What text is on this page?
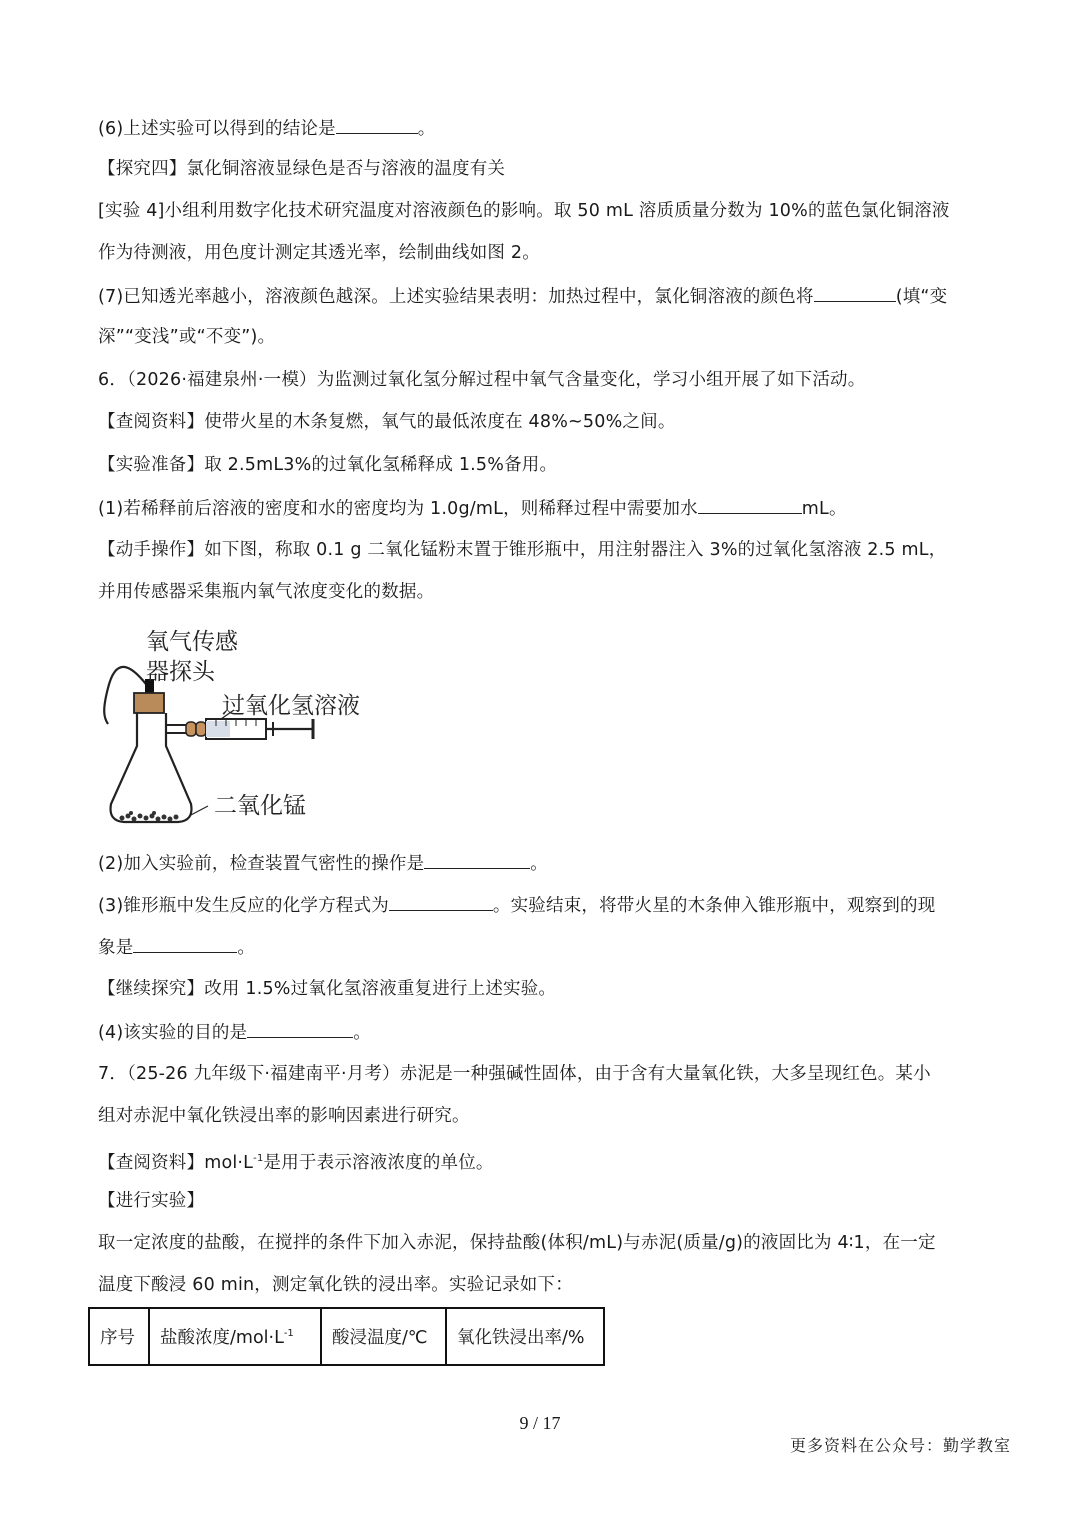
(6)上述实验可以得到的结论是	。
【探究四】氯化铜溶液显绿色是否与溶液的温度有关
[实验 4]小组利用数字化技术研究温度对溶液颜色的影响。取 50 mL 溶质质量分数为 10%的蓝色氯化铜溶液
作为待测液，用色度计测定其透光率，绘制曲线如图 2。
(7)已知透光率越小，溶液颜色越深。上述实验结果表明：加热过程中，氯化铜溶液的颜色将	(填“变
深”“变浅”或“不变”)。
6．（2026·福建泉州·一模）为监测过氧化氢分解过程中氧气含量变化，学习小组开展了如下活动。
【查阅资料】使带火星的木条复燃，氧气的最低浓度在 48%~50%之间。
【实验准备】取 2.5mL3%的过氧化氢稀释成 1.5%备用。
(1)若稀释前后溶液的密度和水的密度均为 1.0g/mL，则稀释过程中需要加水	mL。
【动手操作】如下图，称取 0.1 g 二氧化锰粉末置于锥形瓶中，用注射器注入 3%的过氧化氢溶液 2.5 mL，
并用传感器采集瓶内氧气浓度变化的数据。
氧气传感
器探头
过氧化氢溶液
二氧化锰
(2)加入实验前，检查装置气密性的操作是	。
(3)锥形瓶中发生反应的化学方程式为	。实验结束，将带火星的木条伸入锥形瓶中，观察到的现
象是	。
【继续探究】改用 1.5%过氧化氢溶液重复进行上述实验。
(4)该实验的目的是	。
7．（25-26 九年级下·福建南平·月考）赤泥是一种强碱性固体，由于含有大量氧化铁，大多呈现红色。某小
组对赤泥中氧化铁浸出率的影响因素进行研究。
【查阅资料】$mol\cdot L^{-1}$是用于表示溶液浓度的单位。
【进行实验】
取一定浓度的盐酸，在搅拌的条件下加入赤泥，保持盐酸(体积/mL)与赤泥(质量/g)的液固比为 4∶1，在一定
温度下酸浸 60 min，测定氧化铁的浸出率。实验记录如下：
序号	盐酸浓度$/mol\cdot L^{-1}$	酸浸温度/℃	氧化铁浸出率/%
9 / 17
更多资料在公众号：勤学教室
